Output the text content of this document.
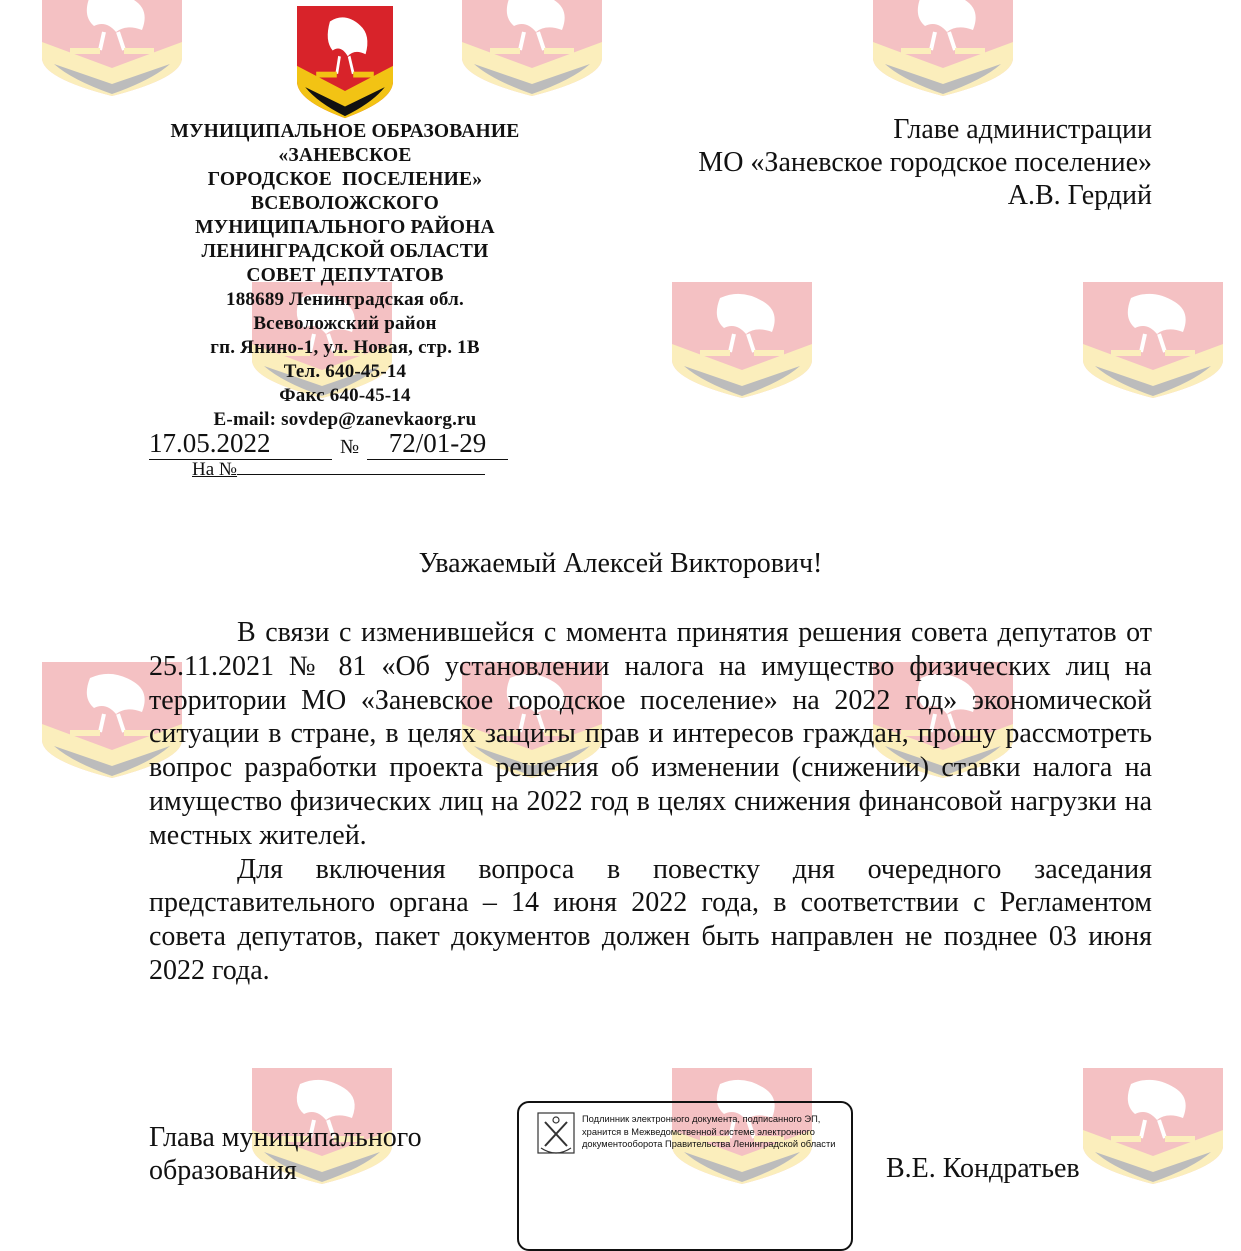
МУНИЦИПАЛЬНОЕ ОБРАЗОВАНИЕ
«ЗАНЕВСКОЕ
ГОРОДСКОЕ  ПОСЕЛЕНИЕ»
ВСЕВОЛОЖСКОГО
МУНИЦИПАЛЬНОГО РАЙОНА
ЛЕНИНГРАДСКОЙ ОБЛАСТИ
СОВЕТ ДЕПУТАТОВ
188689 Ленинградская обл.
Всеволожский район
гп. Янино-1, ул. Новая, стр. 1В
Тел. 640-45-14
Факс 640-45-14
E-mail: sovdep@zanevkaorg.ru
17.05.2022	№	72/01-29
На №
Главе администрации
МО «Заневское городское поселение»
А.В. Гердий
Уважаемый Алексей Викторович!

В связи с изменившейся с момента принятия решения совета депутатов от 25.11.2021 № 81 «Об установлении налога на имущество физических лиц на территории МО «Заневское городское поселение» на 2022 год» экономической ситуации в стране, в целях защиты прав и интересов граждан, прошу рассмотреть вопрос разработки проекта решения об изменении (снижении) ставки налога на имущество физических лиц на 2022 год в целях снижения финансовой нагрузки на местных жителей.

Для включения вопроса в повестку дня очередного заседания представительного органа – 14 июня 2022 года, в соответствии с Регламентом совета депутатов, пакет документов должен быть направлен не позднее 03 июня 2022 года.

Глава муниципального
образования
Подлинник электронного документа, подписанного ЭП,
хранится в Межведомственной системе электронного
документооборота Правительства Ленинградской области
В.Е. Кондратьев
